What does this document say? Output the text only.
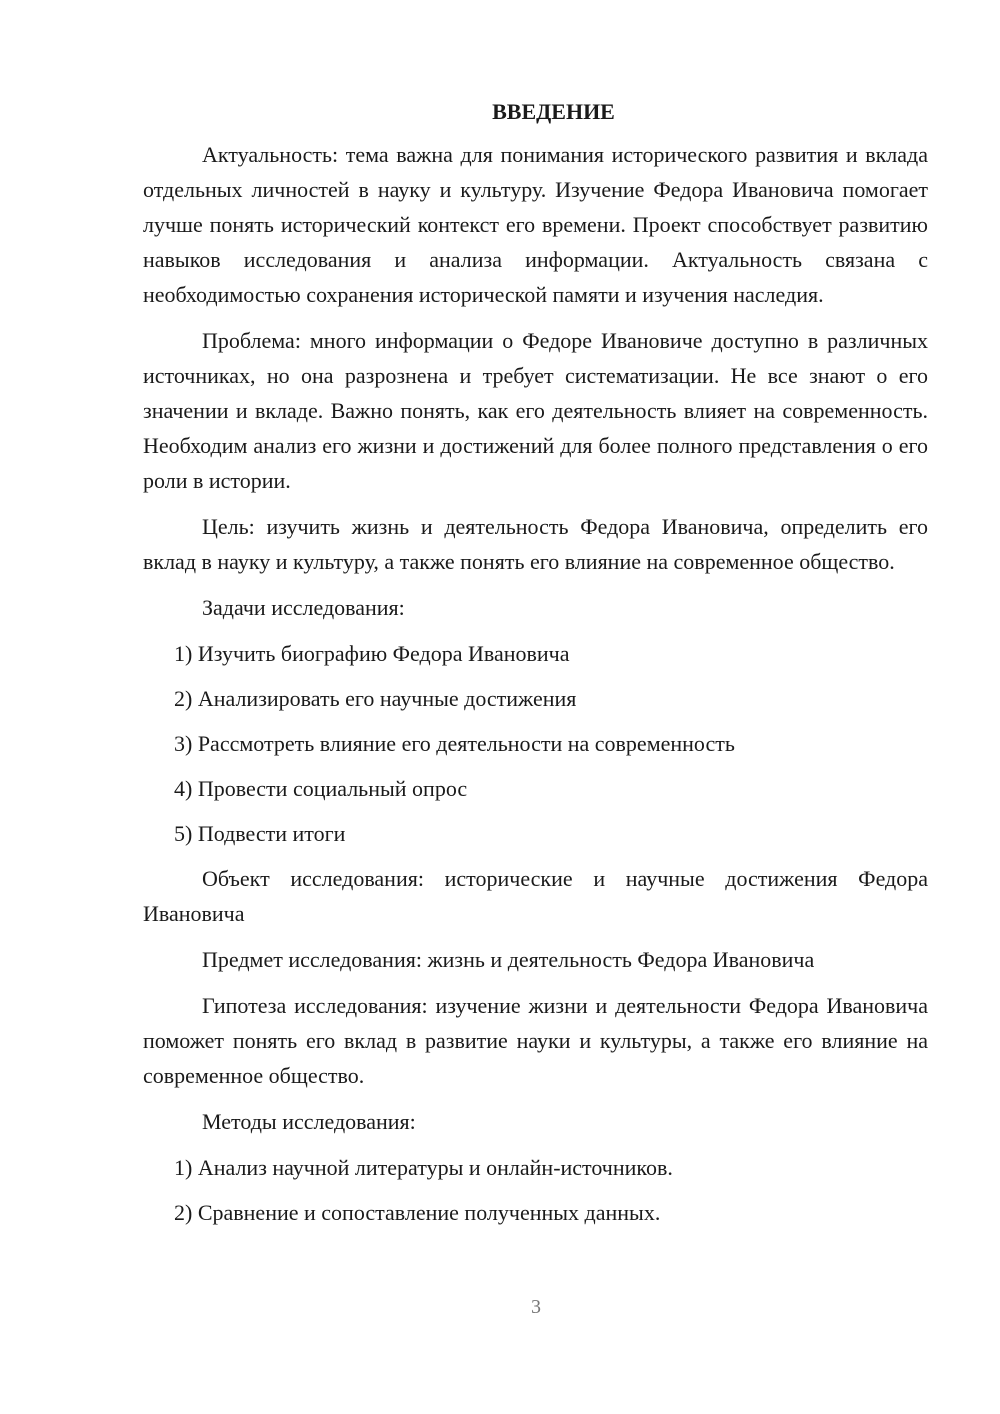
ВВЕДЕНИЕ

Актуальность: тема важна для понимания исторического развития и вклада отдельных личностей в науку и культуру. Изучение Федора Ивановича помогает лучше понять исторический контекст его времени. Проект способствует развитию навыков исследования и анализа информации. Актуальность связана с необходимостью сохранения исторической памяти и изучения наследия.

Проблема: много информации о Федоре Ивановиче доступно в различных источниках, но она разрознена и требует систематизации. Не все знают о его значении и вкладе. Важно понять, как его деятельность влияет на современность. Необходим анализ его жизни и достижений для более полного представления о его роли в истории.

Цель: изучить жизнь и деятельность Федора Ивановича, определить его вклад в науку и культуру, а также понять его влияние на современное общество.

Задачи исследования:

1) Изучить биографию Федора Ивановича
2) Анализировать его научные достижения
3) Рассмотреть влияние его деятельности на современность
4) Провести социальный опрос
5) Подвести итоги

Объект исследования: исторические и научные достижения Федора Ивановича

Предмет исследования: жизнь и деятельность Федора Ивановича

Гипотеза исследования: изучение жизни и деятельности Федора Ивановича поможет понять его вклад в развитие науки и культуры, а также его влияние на современное общество.

Методы исследования:

1) Анализ научной литературы и онлайн-источников.
2) Сравнение и сопоставление полученных данных.
3
